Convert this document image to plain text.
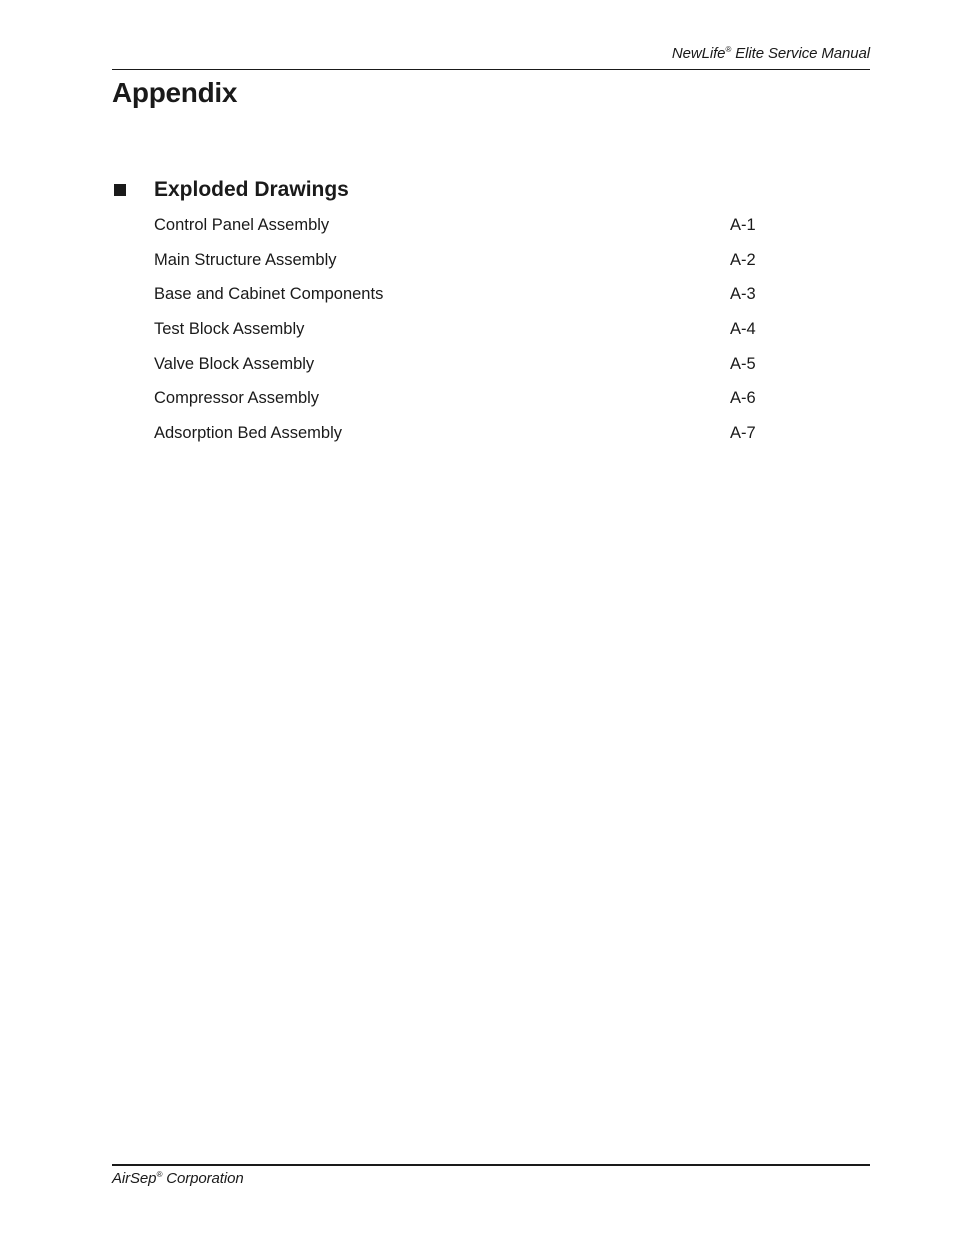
NewLife® Elite Service Manual
Appendix
Exploded Drawings
Control Panel Assembly	A-1
Main Structure Assembly	A-2
Base and Cabinet Components	A-3
Test Block Assembly	A-4
Valve Block Assembly	A-5
Compressor Assembly	A-6
Adsorption Bed Assembly	A-7
AirSep® Corporation
